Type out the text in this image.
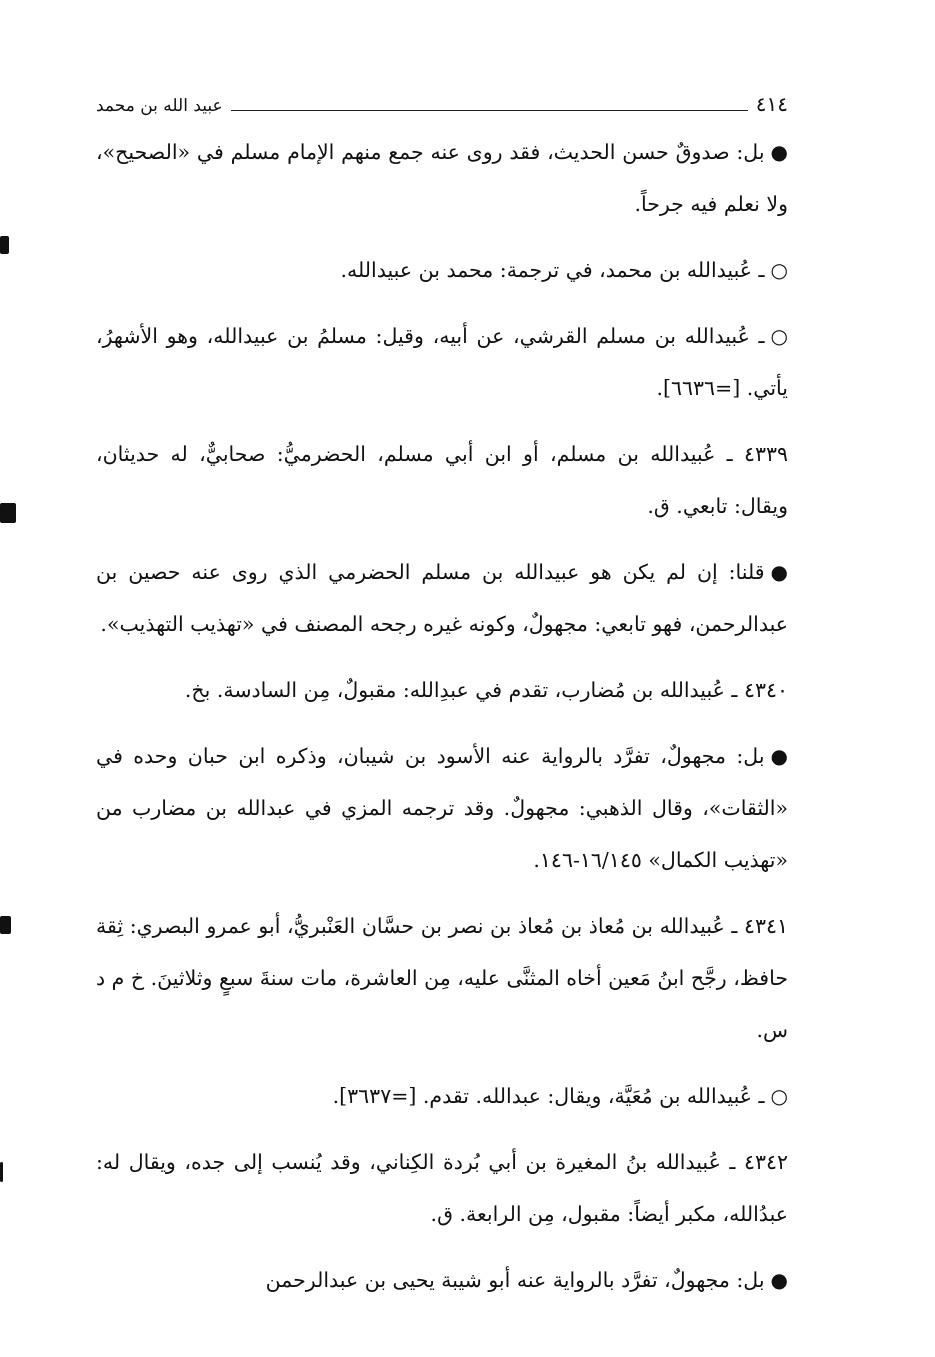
٤١٤
عبيد الله بن محمد

●بل: صدوقٌ حسن الحديث، فقد روى عنه جمع منهم الإمام مسلم في «الصحيح»، ولا نعلم فيه جرحاً.

○ـ عُبيدالله بن محمد، في ترجمة: محمد بن عبيدالله.

○ـ عُبيدالله بن مسلم القرشي، عن أبيه، وقيل: مسلمُ بن عبيدالله، وهو الأشهرُ، يأتي. [=٦٦٣٦].

٤٣٣٩ ـ عُبيدالله بن مسلم، أو ابن أبي مسلم، الحضرميُّ: صحابيٌّ، له حديثان، ويقال: تابعي. ق.

●قلنا: إن لم يكن هو عبيدالله بن مسلم الحضرمي الذي روى عنه حصين بن عبدالرحمن، فهو تابعي: مجهولٌ، وكونه غيره رجحه المصنف في «تهذيب التهذيب».

٤٣٤٠ ـ عُبيدالله بن مُضارب، تقدم في عبدِالله: مقبولٌ، مِن السادسة. بخ.

●بل: مجهولٌ، تفرَّد بالرواية عنه الأسود بن شيبان، وذكره ابن حبان وحده في «الثقات»، وقال الذهبي: مجهولٌ. وقد ترجمه المزي في عبدالله بن مضارب من «تهذيب الكمال» ١٦/١٤٥-١٤٦.

٤٣٤١ ـ عُبيدالله بن مُعاذ بن مُعاذ بن نصر بن حسَّان العَنْبريُّ، أبو عمرو البصري: ثِقة حافظ، رجَّح ابنُ مَعين أخاه المثنَّى عليه، مِن العاشرة، مات سنةَ سبعٍ وثلاثينَ. خ م د س.

○ـ عُبيدالله بن مُعَيَّة، ويقال: عبدالله. تقدم. [=٣٦٣٧].

٤٣٤٢ ـ عُبيدالله بنُ المغيرة بن أبي بُردة الكِناني، وقد يُنسب إلى جده، ويقال له: عبدُالله، مكبر أيضاً: مقبول، مِن الرابعة. ق.

●بل: مجهولٌ، تفرَّد بالرواية عنه أبو شيبة يحيى بن عبدالرحمن
